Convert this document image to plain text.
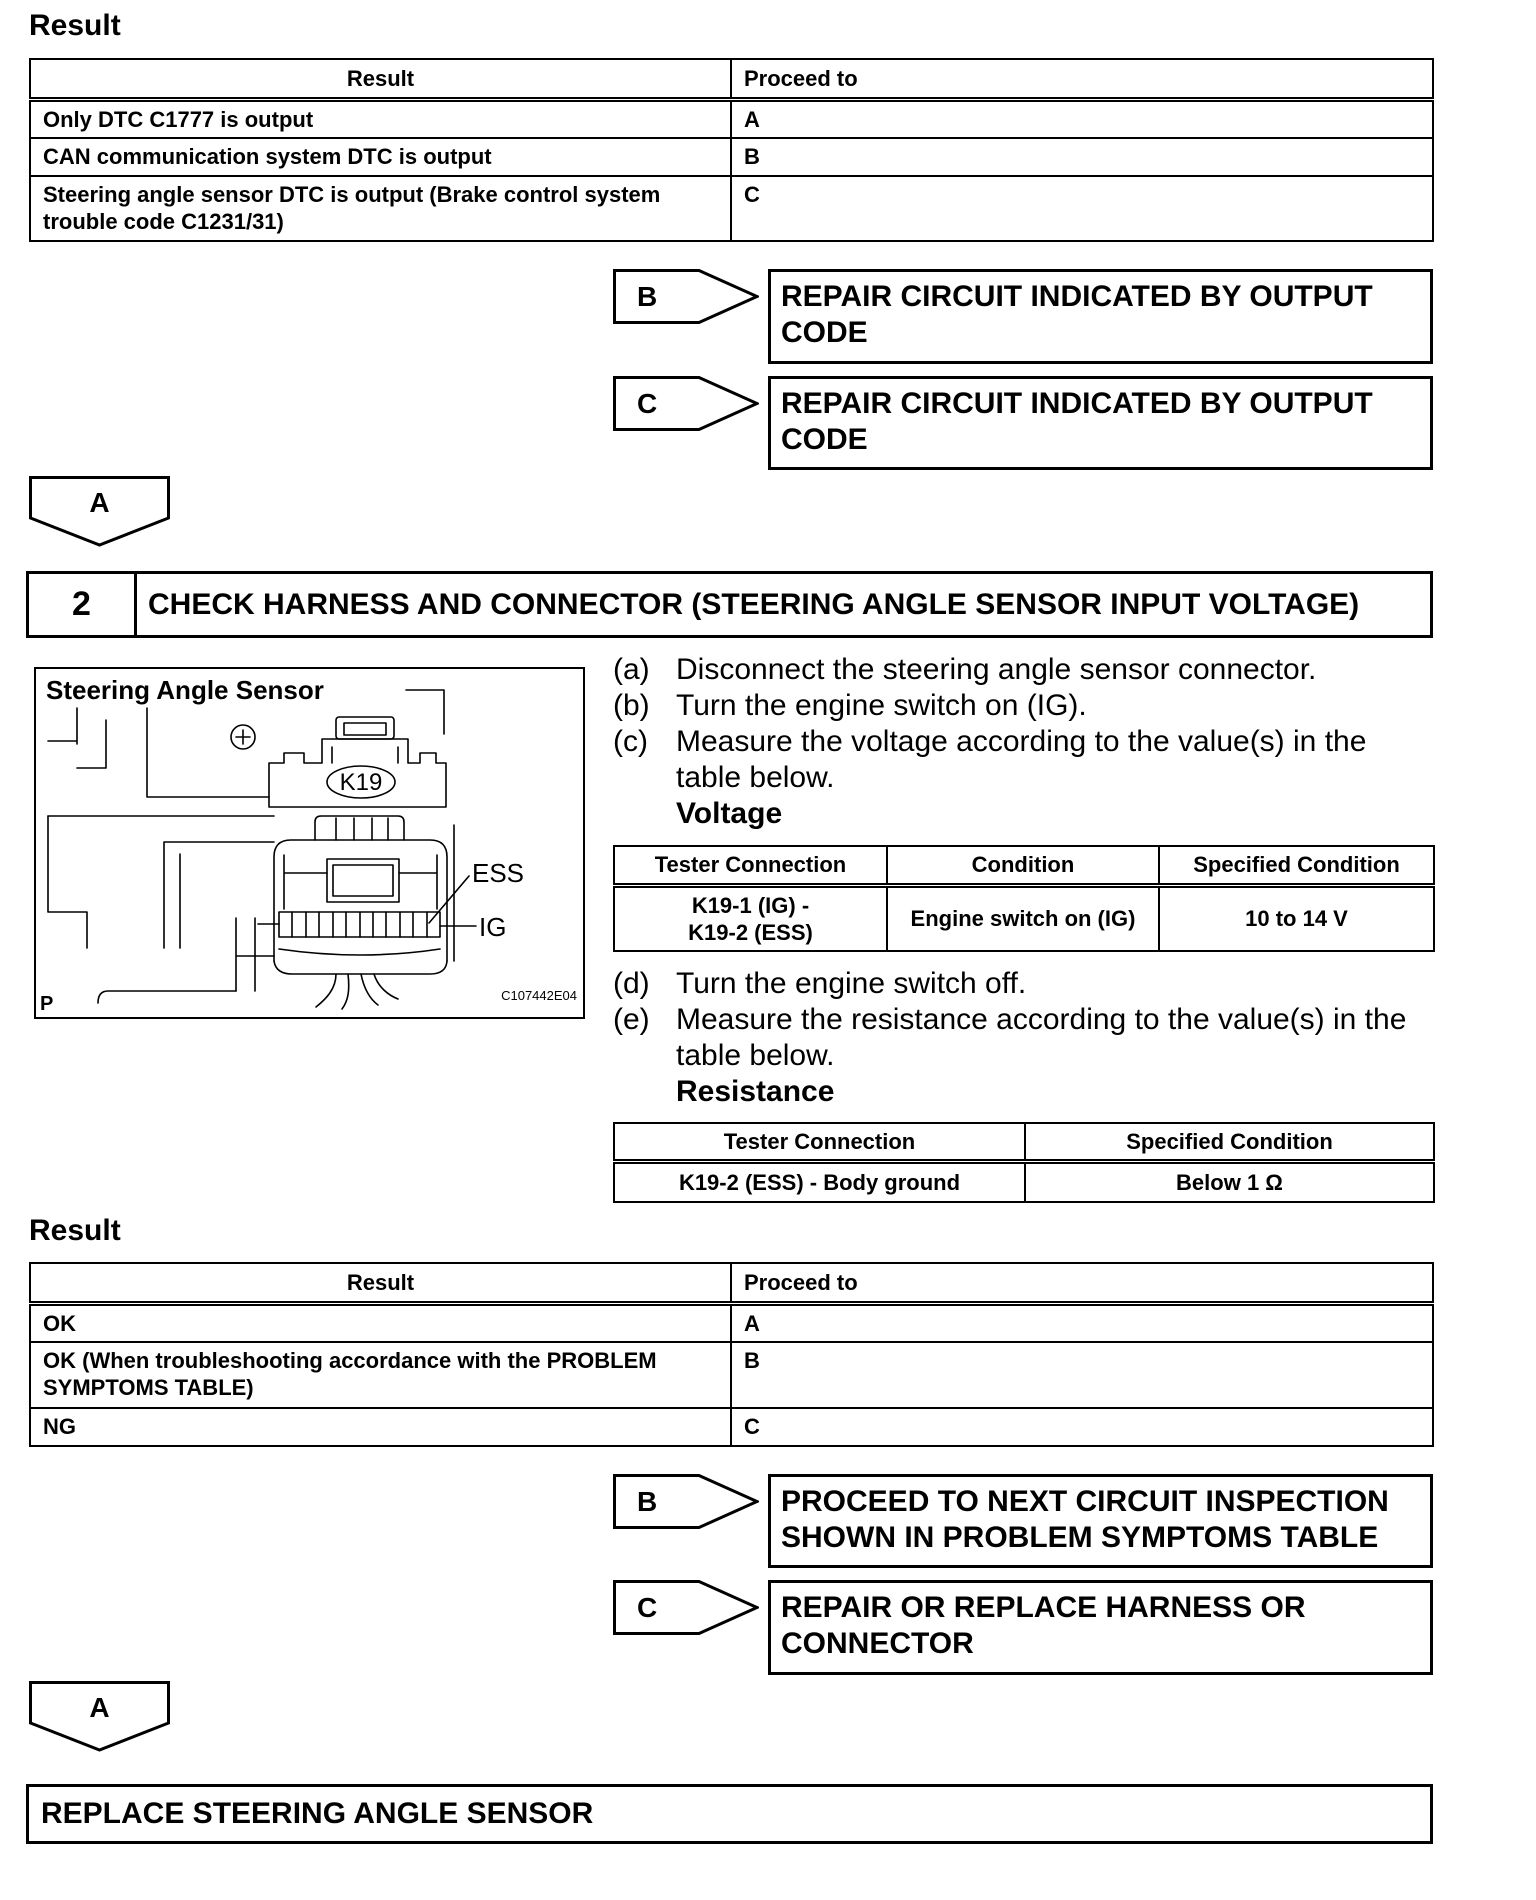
Result
Result	Proceed to
Only DTC C1777 is output	A
CAN communication system DTC is output	B
Steering angle sensor DTC is output (Brake control system trouble code C1231/31)	C
B	REPAIR CIRCUIT INDICATED BY OUTPUT CODE
C	REPAIR CIRCUIT INDICATED BY OUTPUT CODE
A
2	CHECK HARNESS AND CONNECTOR (STEERING ANGLE SENSOR INPUT VOLTAGE)
Steering Angle Sensor
K19
ESS
IG
P	C107442E04
(a) Disconnect the steering angle sensor connector.
(b) Turn the engine switch on (IG).
(c) Measure the voltage according to the value(s) in the table below.
Voltage
Tester Connection	Condition	Specified Condition

K19-1 (IG) -
K19-2 (ESS)	Engine switch on (IG)	10 to 14 V
(d) Turn the engine switch off.
(e) Measure the resistance according to the value(s) in the table below.
Resistance
Tester Connection	Specified Condition
K19-2 (ESS) - Body ground	Below 1 Ω
Result
Result	Proceed to
OK	A
OK (When troubleshooting accordance with the PROBLEM SYMPTOMS TABLE)	B
NG	C
B	PROCEED TO NEXT CIRCUIT INSPECTION SHOWN IN PROBLEM SYMPTOMS TABLE
C	REPAIR OR REPLACE HARNESS OR CONNECTOR
A
REPLACE STEERING ANGLE SENSOR
